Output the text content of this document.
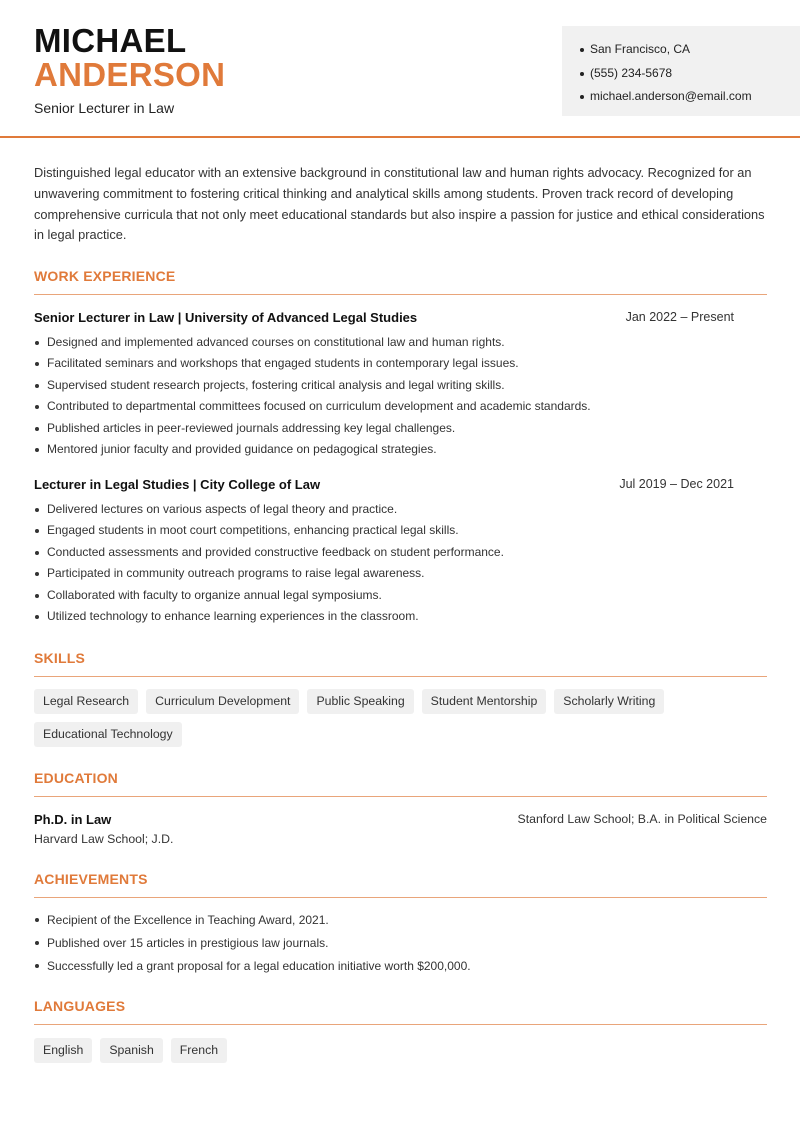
MICHAEL
ANDERSON
Senior Lecturer in Law
San Francisco, CA
(555) 234-5678
michael.anderson@email.com

Distinguished legal educator with an extensive background in constitutional law and human rights advocacy. Recognized for an unwavering commitment to fostering critical thinking and analytical skills among students. Proven track record of developing comprehensive curricula that not only meet educational standards but also inspire a passion for justice and ethical considerations in legal practice.

WORK EXPERIENCE
Senior Lecturer in Law | University of Advanced Legal Studies	Jan 2022 – Present
Designed and implemented advanced courses on constitutional law and human rights.
Facilitated seminars and workshops that engaged students in contemporary legal issues.
Supervised student research projects, fostering critical analysis and legal writing skills.
Contributed to departmental committees focused on curriculum development and academic standards.
Published articles in peer-reviewed journals addressing key legal challenges.
Mentored junior faculty and provided guidance on pedagogical strategies.
Lecturer in Legal Studies | City College of Law	Jul 2019 – Dec 2021
Delivered lectures on various aspects of legal theory and practice.
Engaged students in moot court competitions, enhancing practical legal skills.
Conducted assessments and provided constructive feedback on student performance.
Participated in community outreach programs to raise legal awareness.
Collaborated with faculty to organize annual legal symposiums.
Utilized technology to enhance learning experiences in the classroom.
SKILLS
Legal Research	Curriculum Development	Public Speaking	Student Mentorship	Scholarly Writing
Educational Technology
EDUCATION
Ph.D. in Law
Harvard Law School; J.D.
Stanford Law School; B.A. in Political Science
ACHIEVEMENTS
Recipient of the Excellence in Teaching Award, 2021.
Published over 15 articles in prestigious law journals.
Successfully led a grant proposal for a legal education initiative worth $200,000.
LANGUAGES
English	Spanish	French
